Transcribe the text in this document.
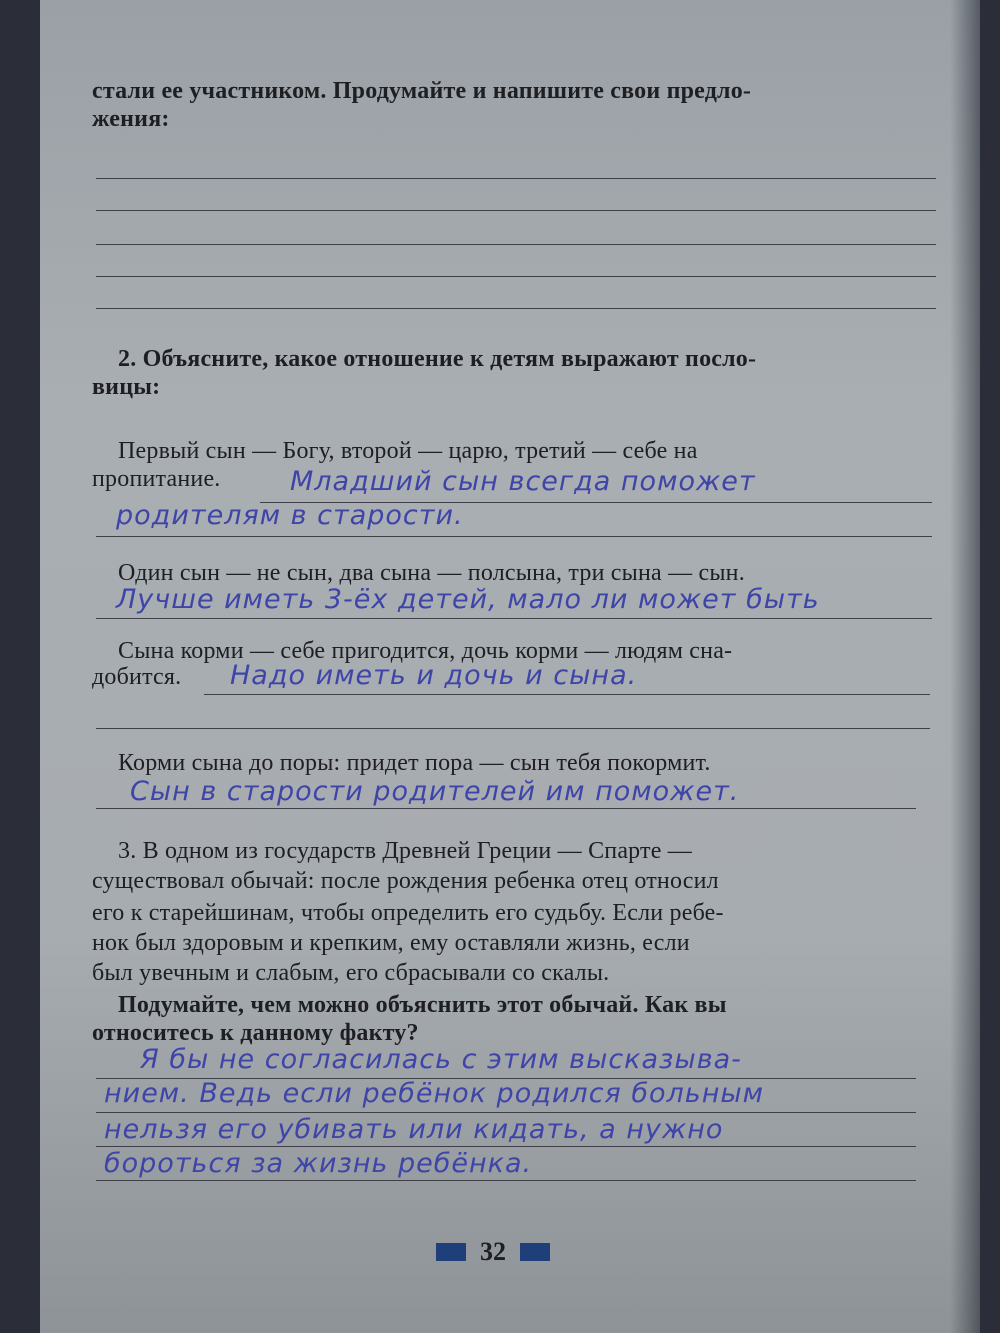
стали ее участником. Продумайте и напишите свои предло-
жения:
2. Объясните, какое отношение к детям выражают посло-
вицы:
Первый сын — Богу, второй — царю, третий — себе на
пропитание.	Младший сын всегда поможет
родителям в старости.
Один сын — не сын, два сына — полсына, три сына — сын.
Лучше иметь 3-ёх детей, мало ли может быть
Сына корми — себе пригодится, дочь корми — людям сна-
добится. Надо иметь и дочь и сына.
Корми сына до поры: придет пора — сын тебя покормит.
Сын в старости родителей им поможет.
3. В одном из государств Древней Греции — Спарте —
существовал обычай: после рождения ребенка отец относил
его к старейшинам, чтобы определить его судьбу. Если ребе-
нок был здоровым и крепким, ему оставляли жизнь, если
был увечным и слабым, его сбрасывали со скалы.
Подумайте, чем можно объяснить этот обычай. Как вы
относитесь к данному факту?
Я бы не согласилась с этим высказыва-
нием. Ведь если ребёнок родился больным
нельзя его убивать или кидать, а нужно
бороться за жизнь ребёнка.
32
